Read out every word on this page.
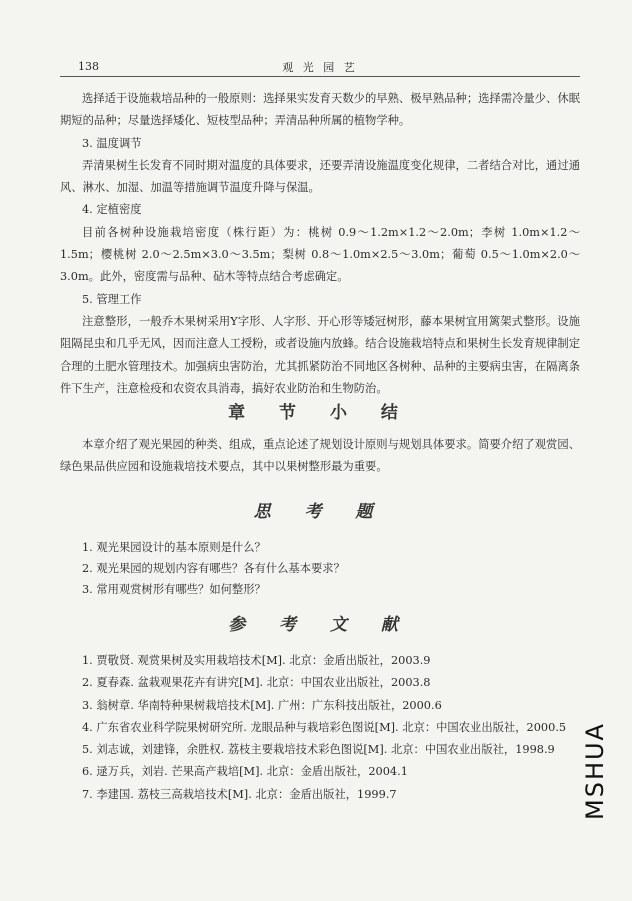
138	观 光 园 艺

选择适于设施栽培品种的一般原则：选择果实发育天数少的早熟、极早熟品种；选择需冷量少、休眠期短的品种；尽量选择矮化、短枝型品种；弄清品种所属的植物学种。

3. 温度调节

弄清果树生长发育不同时期对温度的具体要求，还要弄清设施温度变化规律，二者结合对比，通过通风、淋水、加湿、加温等措施调节温度升降与保温。

4. 定植密度

目前各树种设施栽培密度（株行距）为：桃树 0.9～1.2m×1.2～2.0m；李树 1.0m×1.2～1.5m；樱桃树 2.0～2.5m×3.0～3.5m；梨树 0.8～1.0m×2.5～3.0m；葡萄 0.5～1.0m×2.0～3.0m。此外，密度需与品种、砧木等特点结合考虑确定。

5. 管理工作

注意整形，一般乔木果树采用Y字形、人字形、开心形等矮冠树形，藤本果树宜用篱架式整形。设施阻隔昆虫和几乎无风，因而注意人工授粉，或者设施内放蜂。结合设施栽培特点和果树生长发育规律制定合理的土肥水管理技术。加强病虫害防治，尤其抓紧防治不同地区各树种、品种的主要病虫害，在隔离条件下生产，注意检疫和农资农具消毒，搞好农业防治和生物防治。

章 节 小 结

本章介绍了观光果园的种类、组成，重点论述了规划设计原则与规划具体要求。简要介绍了观赏园、绿色果品供应园和设施栽培技术要点，其中以果树整形最为重要。

思 考 题
1. 观光果园设计的基本原则是什么？
2. 观光果园的规划内容有哪些？各有什么基本要求？
3. 常用观赏树形有哪些？如何整形？
参 考 文 献
1. 贾敬贤. 观赏果树及实用栽培技术[M]. 北京：金盾出版社，2003.9
2. 夏春森. 盆栽观果花卉有讲究[M]. 北京：中国农业出版社，2003.8
3. 翁树章. 华南特种果树栽培技术[M]. 广州：广东科技出版社，2000.6
4. 广东省农业科学院果树研究所. 龙眼品种与栽培彩色图说[M]. 北京：中国农业出版社，2000.5
5. 刘志诚，刘建锋，余胜权. 荔枝主要栽培技术彩色图说[M]. 北京：中国农业出版社，1998.9
6. 逯万兵，刘岩. 芒果高产栽培[M]. 北京：金盾出版社，2004.1
7. 李建国. 荔枝三高栽培技术[M]. 北京：金盾出版社，1999.7	MSHUA
